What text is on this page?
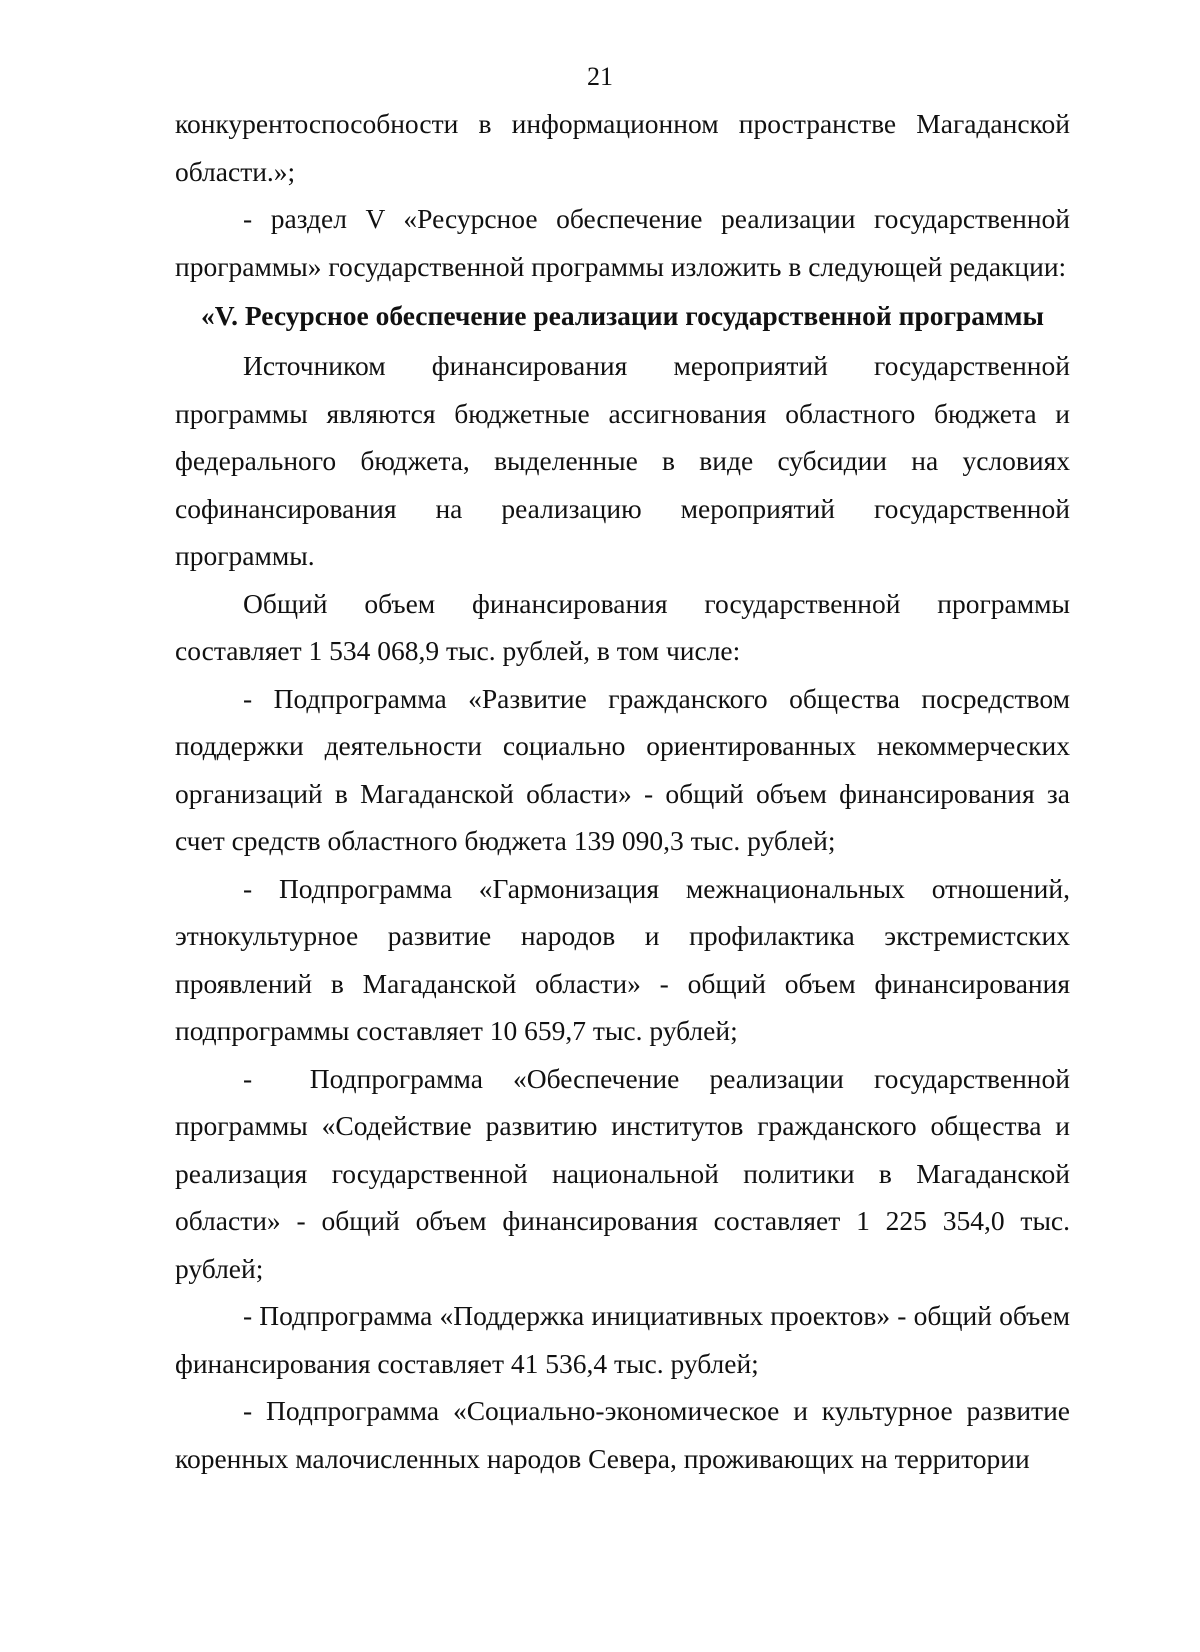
21

конкурентоспособности в информационном пространстве Магаданской области.»;

- раздел V «Ресурсное обеспечение реализации государственной программы» государственной программы изложить в следующей редакции:

«V. Ресурсное обеспечение реализации государственной программы

Источником финансирования мероприятий государственной программы являются бюджетные ассигнования областного бюджета и федерального бюджета, выделенные в виде субсидии на условиях софинансирования на реализацию мероприятий государственной программы.

Общий объем финансирования государственной программы составляет 1 534 068,9 тыс. рублей, в том числе:

- Подпрограмма «Развитие гражданского общества посредством поддержки деятельности социально ориентированных некоммерческих организаций в Магаданской области» - общий объем финансирования за счет средств областного бюджета 139 090,3 тыс. рублей;

- Подпрограмма «Гармонизация межнациональных отношений, этнокультурное развитие народов и профилактика экстремистских проявлений в Магаданской области» - общий объем финансирования подпрограммы составляет 10 659,7 тыс. рублей;

-  Подпрограмма «Обеспечение реализации государственной программы «Содействие развитию институтов гражданского общества и реализация государственной национальной политики в Магаданской области» - общий объем финансирования составляет 1 225 354,0 тыс. рублей;

- Подпрограмма «Поддержка инициативных проектов» - общий объем финансирования составляет 41 536,4 тыс. рублей;

- Подпрограмма «Социально-экономическое и культурное развитие коренных малочисленных народов Севера, проживающих на территории
